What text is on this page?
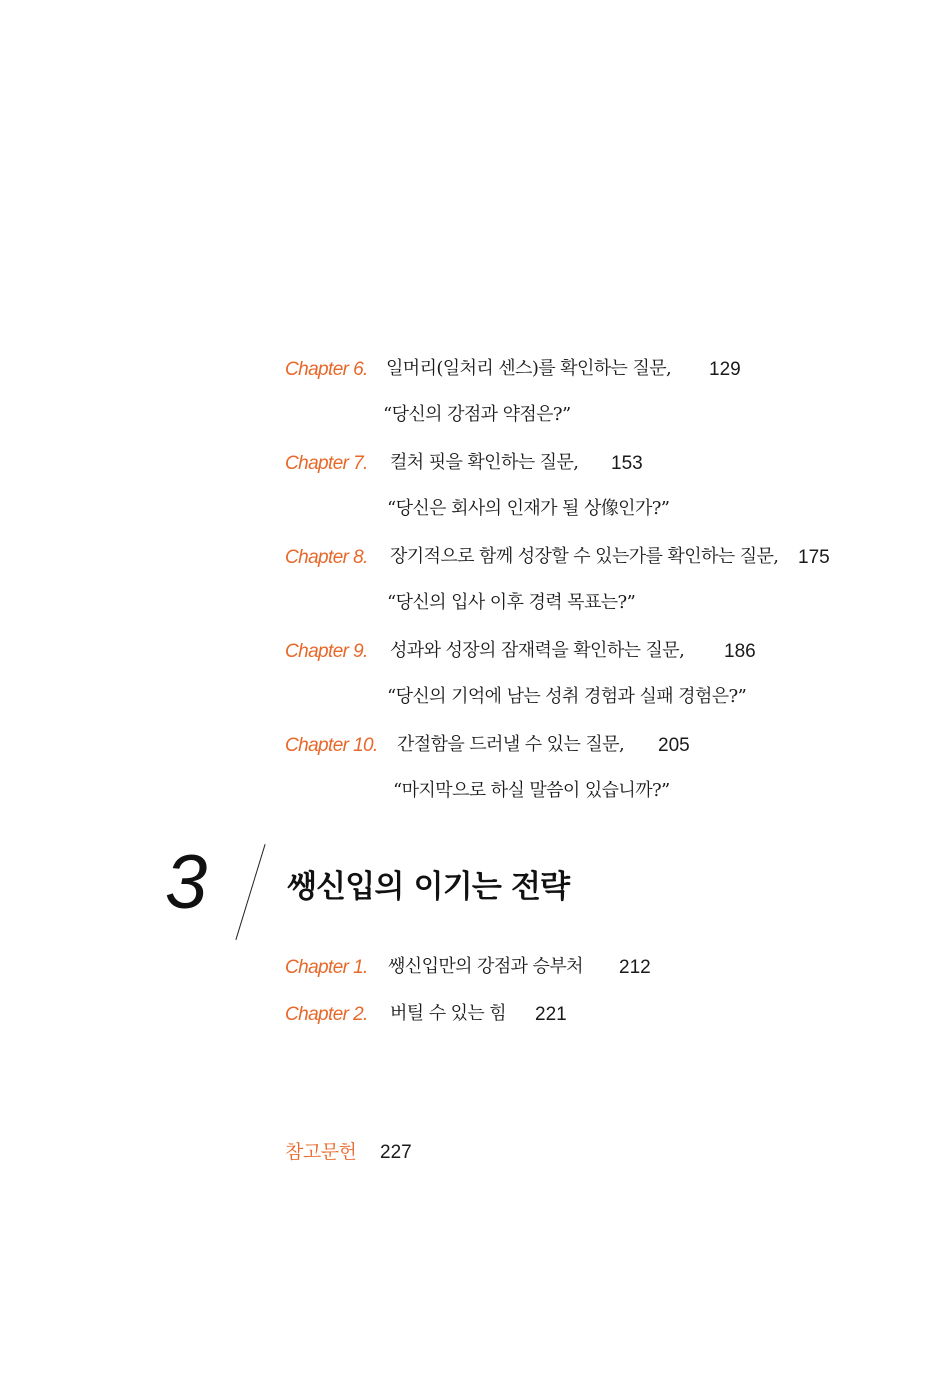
Chapter 6. 일머리(일처리 센스)를 확인하는 질문, 129
“당신의 강점과 약점은?”
Chapter 7. 컬처 핏을 확인하는 질문, 153
“당신은 회사의 인재가 될 상像인가?”
Chapter 8. 장기적으로 함께 성장할 수 있는가를 확인하는 질문, 175
“당신의 입사 이후 경력 목표는?”
Chapter 9. 성과와 성장의 잠재력을 확인하는 질문, 186
“당신의 기억에 남는 성취 경험과 실패 경험은?”
Chapter 10. 간절함을 드러낼 수 있는 질문, 205
“마지막으로 하실 말씀이 있습니까?”
3	쌩신입의 이기는 전략
Chapter 1. 쌩신입만의 강점과 승부처 212
Chapter 2. 버틸 수 있는 힘 221
참고문헌 227
